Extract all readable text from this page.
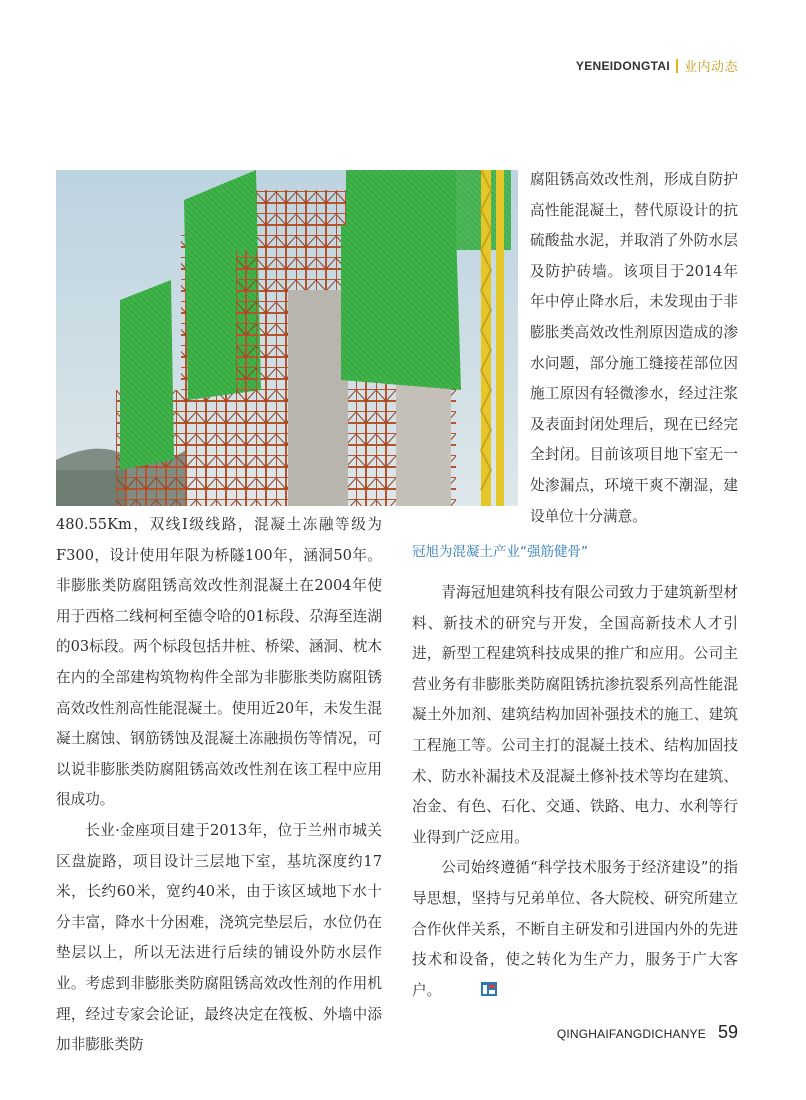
YENEIDONGTAI 业内动态

腐阻锈高效改性剂，形成自防护高性能混凝土，替代原设计的抗硫酸盐水泥，并取消了外防水层及防护砖墙。该项目于2014年年中停止降水后，未发现由于非膨胀类高效改性剂原因造成的渗水问题，部分施工缝接茬部位因施工原因有轻微渗水，经过注浆及表面封闭处理后，现在已经完全封闭。目前该项目地下室无一处渗漏点，环境干爽不潮湿，建设单位十分满意。

480.55Km，双线Ⅰ级线路，混凝土冻融等级为F300，设计使用年限为桥隧100年，涵洞50年。非膨胀类防腐阻锈高效改性剂混凝土在2004年使用于西格二线柯柯至德令哈的01标段、尕海至连湖的03标段。两个标段包括井桩、桥梁、涵洞、枕木在内的全部建构筑物构件全部为非膨胀类防腐阻锈高效改性剂高性能混凝土。使用近20年，未发生混凝土腐蚀、钢筋锈蚀及混凝土冻融损伤等情况，可以说非膨胀类防腐阻锈高效改性剂在该工程中应用很成功。

长业·金座项目建于2013年，位于兰州市城关区盘旋路，项目设计三层地下室，基坑深度约17米，长约60米，宽约40米，由于该区域地下水十分丰富，降水十分困难，浇筑完垫层后，水位仍在垫层以上，所以无法进行后续的铺设外防水层作业。考虑到非膨胀类防腐阻锈高效改性剂的作用机理，经过专家会论证，最终决定在筏板、外墙中添加非膨胀类防

冠旭为混凝土产业“强筋健骨”

青海冠旭建筑科技有限公司致力于建筑新型材料、新技术的研究与开发，全国高新技术人才引进，新型工程建筑科技成果的推广和应用。公司主营业务有非膨胀类防腐阻锈抗渗抗裂系列高性能混凝土外加剂、建筑结构加固补强技术的施工、建筑工程施工等。公司主打的混凝土技术、结构加固技术、防水补漏技术及混凝土修补技术等均在建筑、冶金、有色、石化、交通、铁路、电力、水利等行业得到广泛应用。

公司始终遵循“科学技术服务于经济建设”的指导思想，坚持与兄弟单位、各大院校、研究所建立合作伙伴关系，不断自主研发和引进国内外的先进技术和设备，使之转化为生产力，服务于广大客户。

QINGHAIFANGDICHANYE 59
